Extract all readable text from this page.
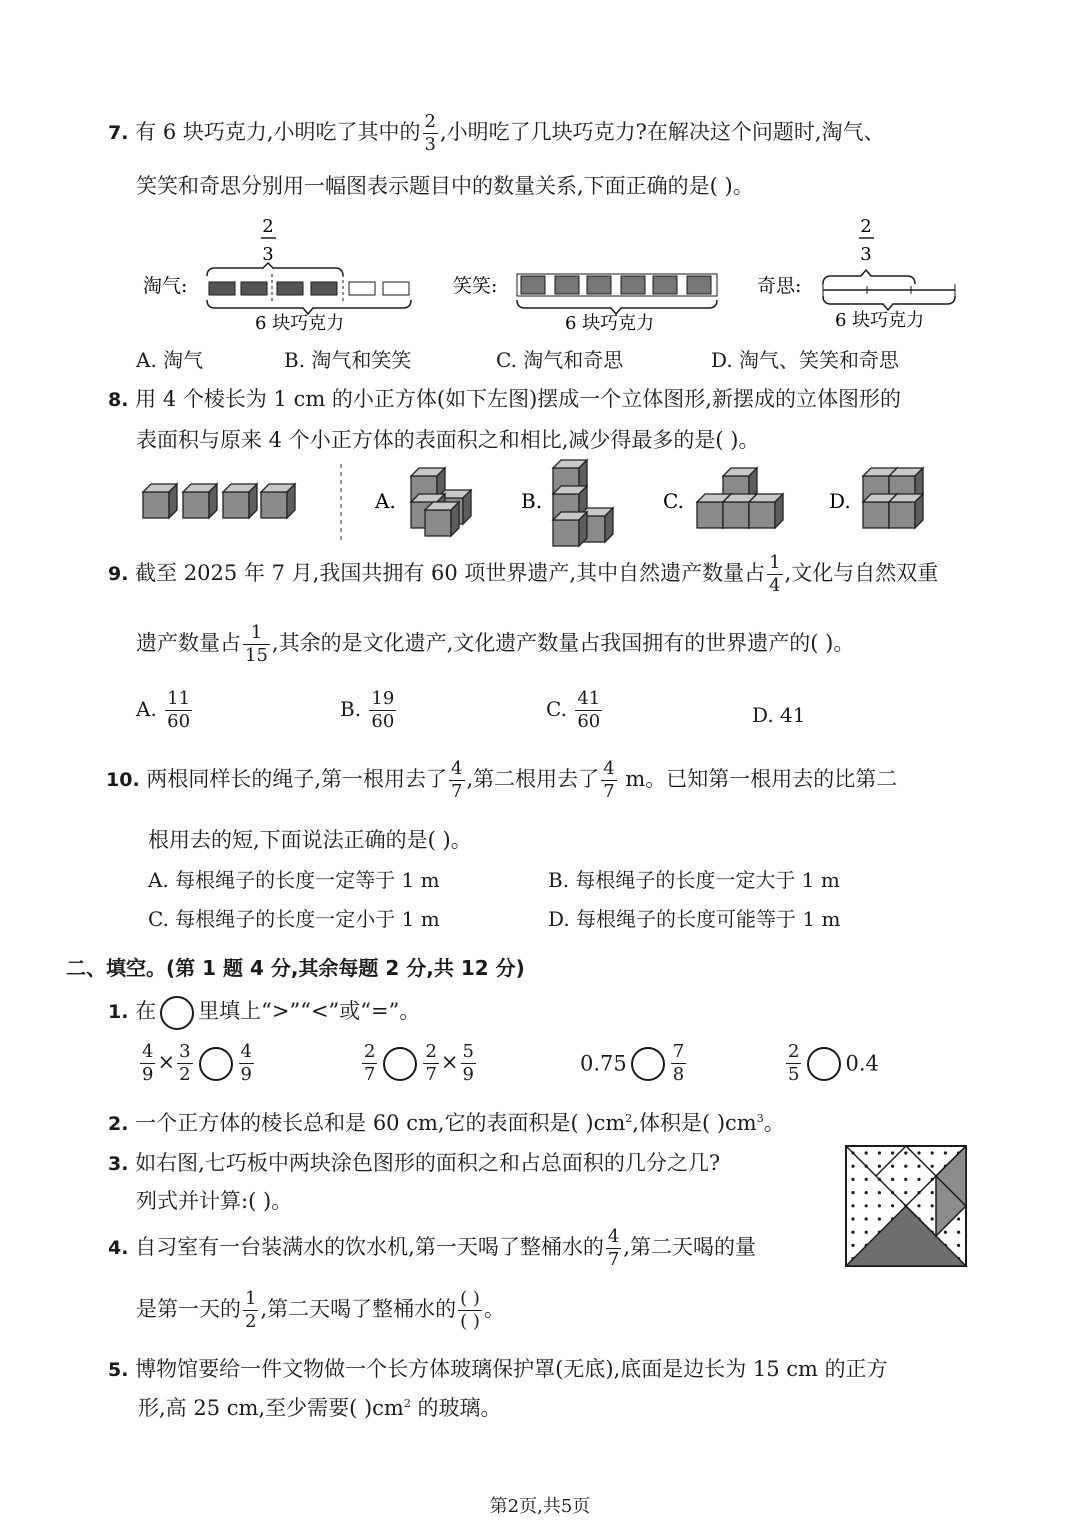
7. 有 6 块巧克力,小明吃了其中的 $\frac{2}{3}$ ,小明吃了几块巧克力?在解决这个问题时,淘气、
笑笑和奇思分别用一幅图表示题目中的数量关系,下面正确的是( )。
淘气:
2
3
6 块巧克力
笑笑:
6 块巧克力
奇思:
2
3
6 块巧克力
A. 淘气	B. 淘气和笑笑	C. 淘气和奇思	D. 淘气、笑笑和奇思
8. 用 4 个棱长为 1 cm 的小正方体(如下左图)摆成一个立体图形,新摆成的立体图形的
表面积与原来 4 个小正方体的表面积之和相比,减少得最多的是( )。
A.	B.	C.	D.
9. 截至 2025 年 7 月,我国共拥有 60 项世界遗产,其中自然遗产数量占 $\frac{1}{4}$ ,文化与自然双重
遗产数量占 $\frac{1}{15}$ ,其余的是文化遗产,文化遗产数量占我国拥有的世界遗产的( )。
A. $\frac{11}{60}$	B. $\frac{19}{60}$	C. $\frac{41}{60}$	D. 41
10. 两根同样长的绳子,第一根用去了 $\frac{4}{7}$ ,第二根用去了 $\frac{4}{7}$ m。已知第一根用去的比第二
根用去的短,下面说法正确的是( )。
A. 每根绳子的长度一定等于 1 m	B. 每根绳子的长度一定大于 1 m
C. 每根绳子的长度一定小于 1 m	D. 每根绳子的长度可能等于 1 m
二、填空。(第 1 题 4 分,其余每题 2 分,共 12 分)
1. 在 里填上“>”“<”或“=”。
$\frac{4}{9} \times \frac{3}{2}$	$\frac{4}{9}$	$\frac{2}{7}$	$\frac{2}{7} \times \frac{5}{9}$	$0.75 \frac{7}{8}$	$\frac{2}{5} 0.4$
2. 一个正方体的棱长总和是 60 cm,它的表面积是( )$cm^2$,体积是( )$cm^3$。
3. 如右图,七巧板中两块涂色图形的面积之和占总面积的几分之几?
列式并计算:( )。
4. 自习室有一台装满水的饮水机,第一天喝了整桶水的 $\frac{4}{7}$ ,第二天喝的量
是第一天的 $\frac{1}{2}$ ,第二天喝了整桶水的 $\frac{( )}{( )}$ 。
5. 博物馆要给一件文物做一个长方体玻璃保护罩(无底),底面是边长为 15 cm 的正方
形,高 25 cm,至少需要( )$cm^2$ 的玻璃。
第2页,共5页
